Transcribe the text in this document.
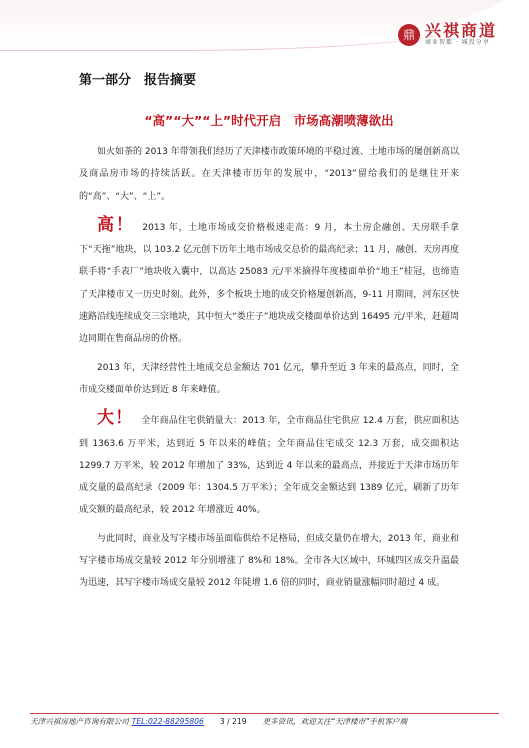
鼎 兴祺商道
商业智都 · 城投分享
第一部分　报告摘要
“高”“大”“上”时代开启　市场高潮喷薄欲出

如火如荼的 2013 年带领我们经历了天津楼市政策环境的平稳过渡、土地市场的屡创新高以及商品房市场的持续活跃。在天津楼市历年的发展中，“2013”留给我们的是继往开来的“高”、“大”、“上”。

高！ 2013 年，土地市场成交价格极速走高：9 月，本土房企融创、天房联手拿下“天拖”地块，以 103.2 亿元创下历年土地市场成交总价的最高纪录；11 月，融创、天房再度联手将“手表厂”地块收入囊中，以高达 25083 元/平米摘得年度楼面单价“地王”桂冠，也缔造了天津楼市又一历史时刻。此外，多个板块土地的成交价格屡创新高，9-11 月期间，河东区快速路沿线连续成交三宗地块，其中恒大“娄庄子”地块成交楼面单价达到 16495 元/平米，赶超周边同期在售商品房的价格。

2013 年，天津经营性土地成交总金额达 701 亿元，攀升至近 3 年来的最高点，同时，全市成交楼面单价达到近 8 年来峰值。

大！ 全年商品住宅供销量大：2013 年，全市商品住宅供应 12.4 万套，供应面积达到 1363.6 万平米，达到近 5 年以来的峰值；全年商品住宅成交 12.3 万套，成交面积达 1299.7 万平米，较 2012 年增加了 33%，达到近 4 年以来的最高点，并接近于天津市场历年成交量的最高纪录（2009 年：1304.5 万平米）；全年成交金额达到 1389 亿元，刷新了历年成交额的最高纪录，较 2012 年增涨近 40%。

与此同时，商业及写字楼市场虽面临供给不足格局，但成交量仍在增大，2013 年，商业和写字楼市场成交量较 2012 年分别增涨了 8%和 18%。全市各大区域中，环城四区成交升温最为迅速，其写字楼市场成交量较 2012 年陡增 1.6 倍的同时，商业销量涨幅同时超过 4 成。

天津兴祺房地产咨询有限公司 TEL:022-88295806 3 / 219 更多资讯，欢迎关注“天津楼市”手机客户端
